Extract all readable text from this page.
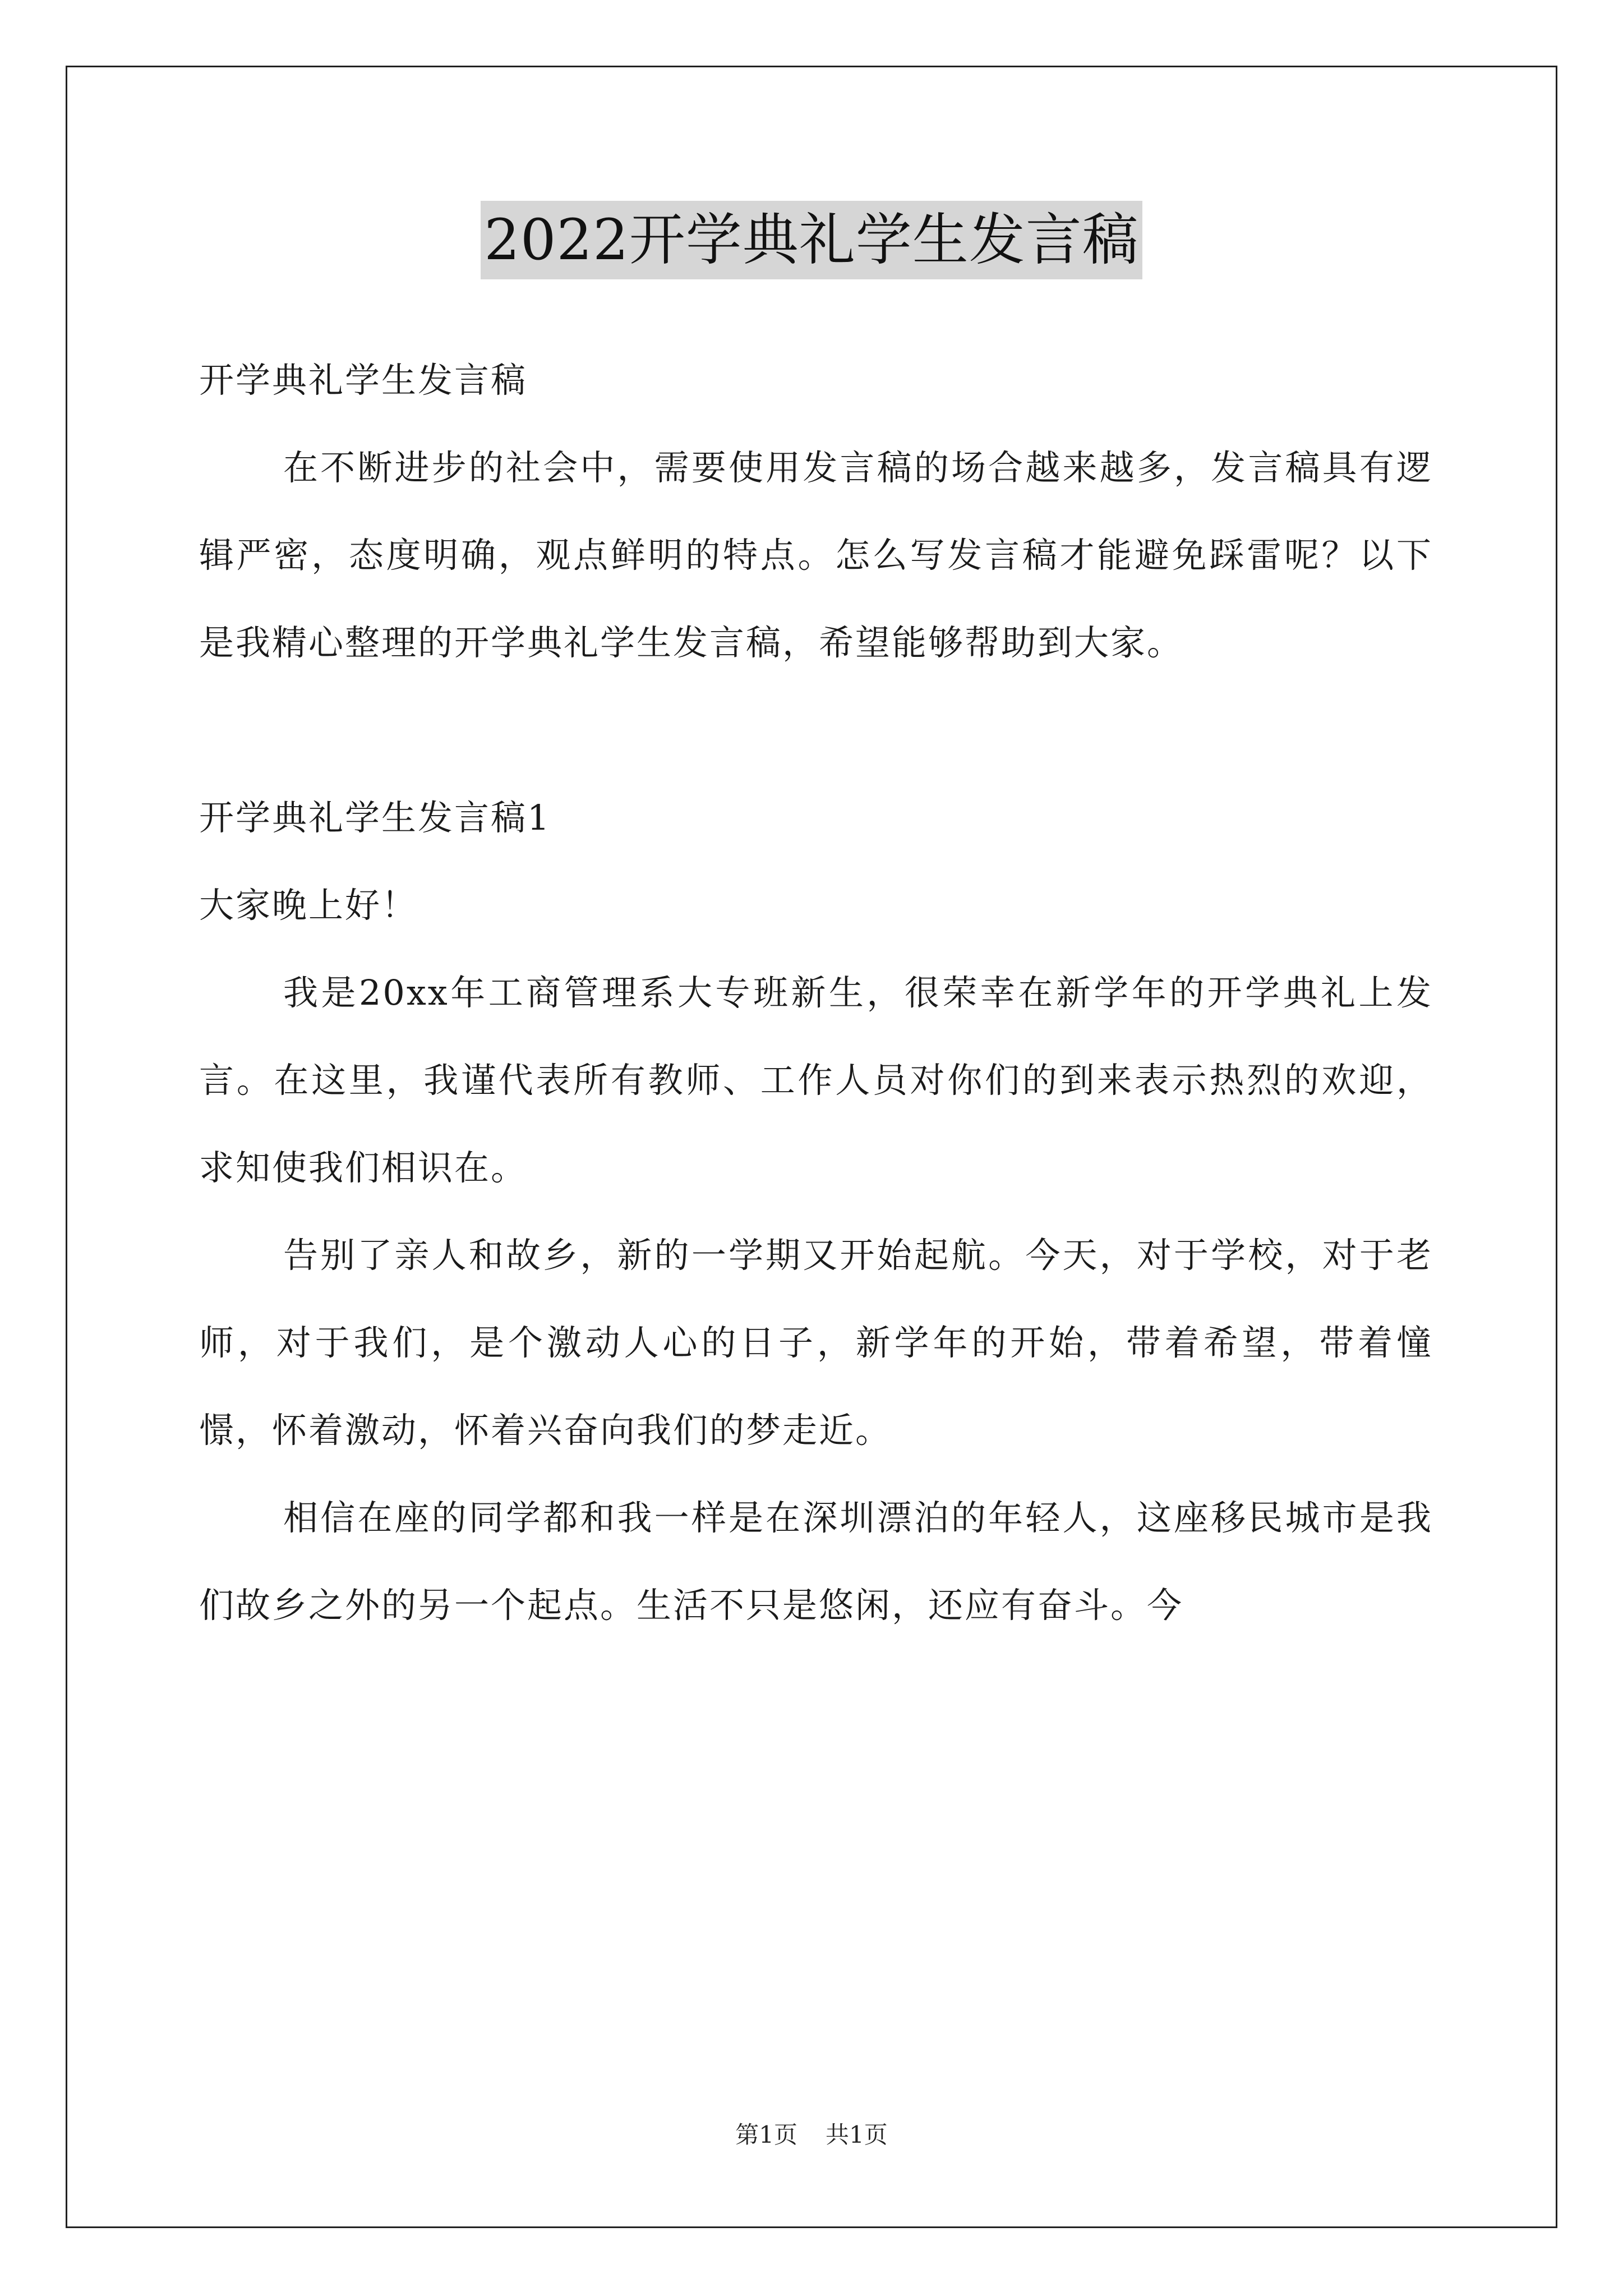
2022开学典礼学生发言稿

开学典礼学生发言稿

在不断进步的社会中，需要使用发言稿的场合越来越多，发言稿具有逻辑严密，态度明确，观点鲜明的特点。怎么写发言稿才能避免踩雷呢？以下是我精心整理的开学典礼学生发言稿，希望能够帮助到大家。

开学典礼学生发言稿1

大家晚上好！

我是20xx年工商管理系大专班新生，很荣幸在新学年的开学典礼上发言。在这里，我谨代表所有教师、工作人员对你们的到来表示热烈的欢迎，求知使我们相识在。

告别了亲人和故乡，新的一学期又开始起航。今天，对于学校，对于老师，对于我们，是个激动人心的日子，新学年的开始，带着希望，带着憧憬，怀着激动，怀着兴奋向我们的梦走近。

相信在座的同学都和我一样是在深圳漂泊的年轻人，这座移民城市是我们故乡之外的另一个起点。生活不只是悠闲，还应有奋斗。今

第1页 共1页
